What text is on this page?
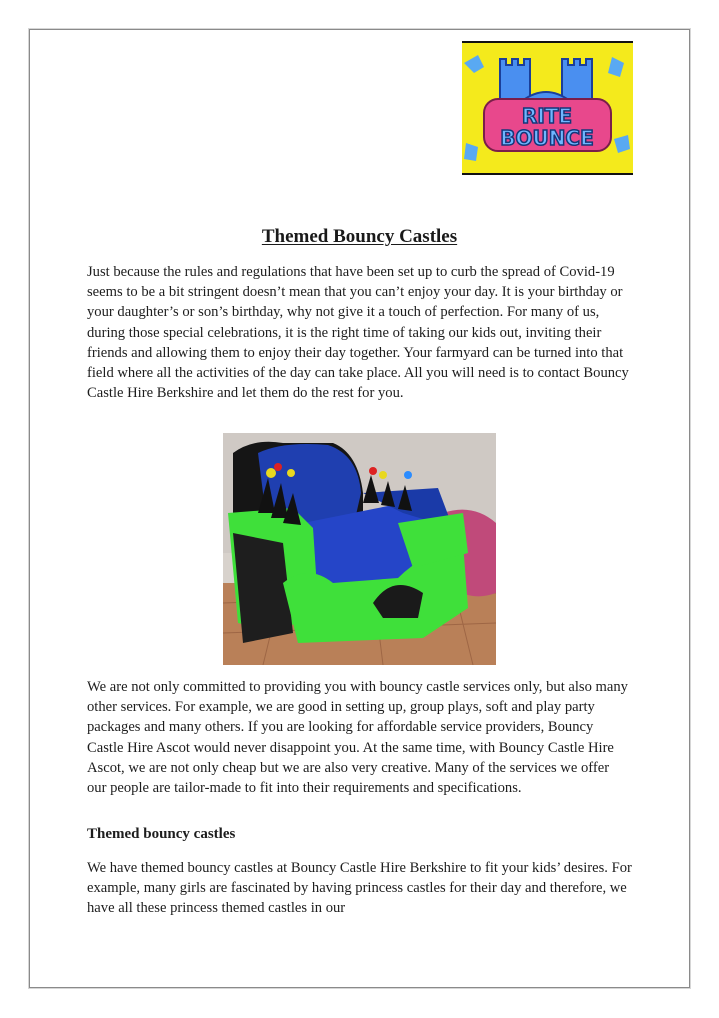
RITE
BOUNCE
Themed Bouncy Castles

Just because the rules and regulations that have been set up to curb the spread of Covid-19 seems to be a bit stringent doesn’t mean that you can’t enjoy your day. It is your birthday or your daughter’s or son’s birthday, why not give it a touch of perfection. For many of us, during those special celebrations, it is the right time of taking our kids out, inviting their friends and allowing them to enjoy their day together. Your farmyard can be turned into that field where all the activities of the day can take place. All you will need is to contact Bouncy Castle Hire Berkshire and let them do the rest for you.

We are not only committed to providing you with bouncy castle services only, but also many other services. For example, we are good in setting up, group plays, soft and play party packages and many others. If you are looking for affordable service providers, Bouncy Castle Hire Ascot would never disappoint you. At the same time, with Bouncy Castle Hire Ascot, we are not only cheap but we are also very creative. Many of the services we offer our people are tailor-made to fit into their requirements and specifications.

Themed bouncy castles

We have themed bouncy castles at Bouncy Castle Hire Berkshire to fit your kids’ desires. For example, many girls are fascinated by having princess castles for their day and therefore, we have all these princess themed castles in our
